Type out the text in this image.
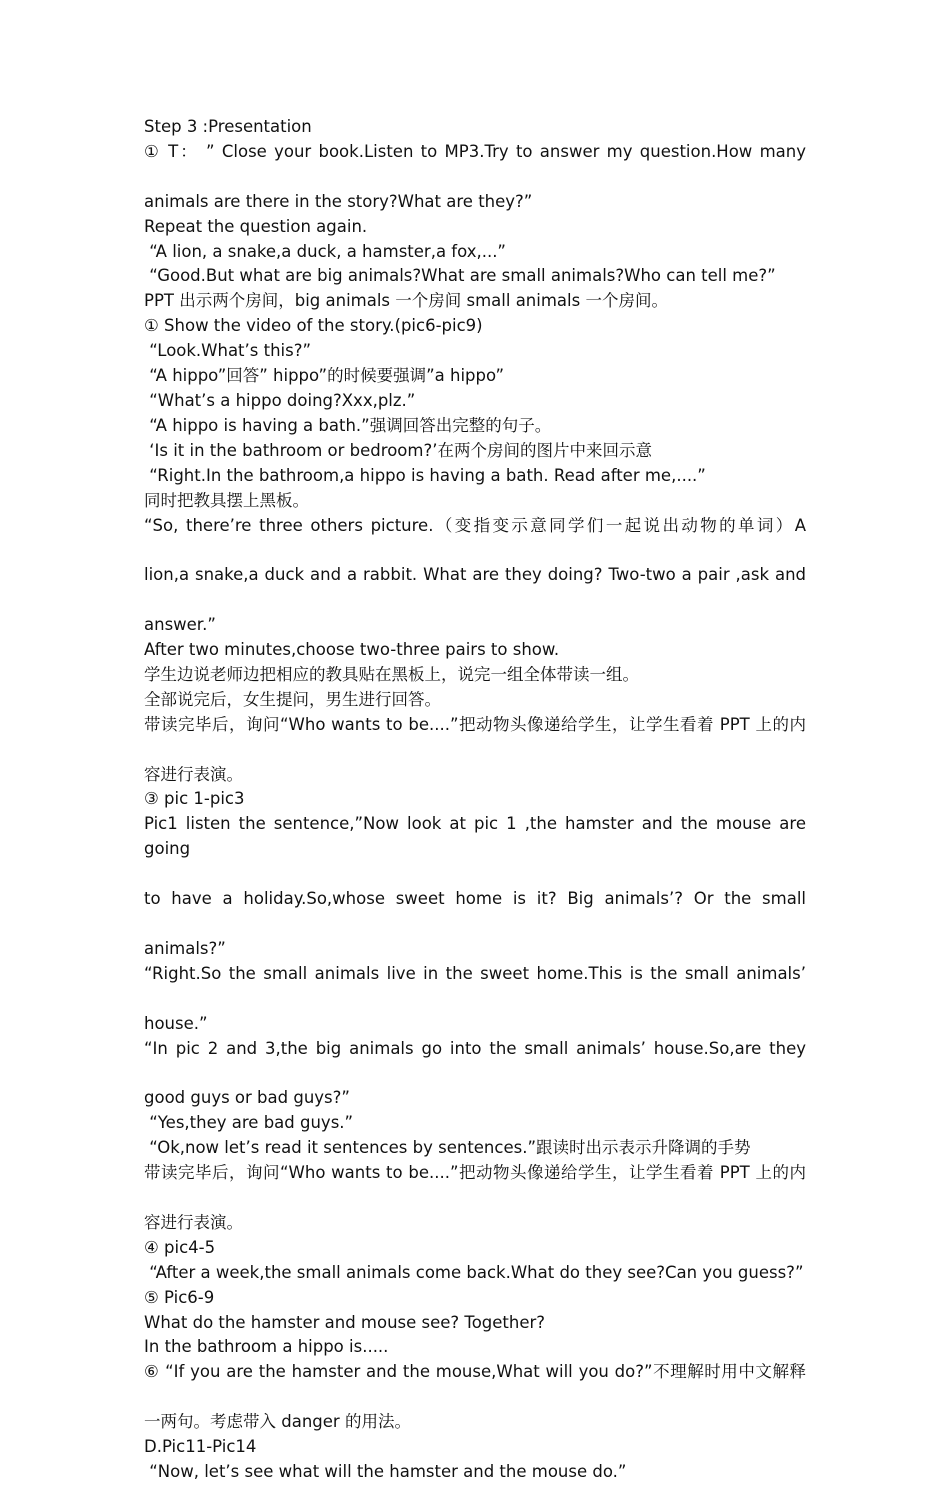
Step 3 :Presentation
① T： ” Close your book.Listen to MP3.Try to answer my question.How many
animals are there in the story?What are they?”
Repeat the question again.
“A lion, a snake,a duck, a hamster,a fox,...”
“Good.But what are big animals?What are small animals?Who can tell me?”
PPT 出示两个房间，big animals 一个房间 small animals 一个房间。
① Show the video of the story.(pic6-pic9)
“Look.What’s this?”
“A hippo”回答” hippo”的时候要强调”a hippo”
“What’s a hippo doing?Xxx,plz.”
“A hippo is having a bath.”强调回答出完整的句子。
‘Is it in the bathroom or bedroom?’在两个房间的图片中来回示意
“Right.In the bathroom,a hippo is having a bath. Read after me,....”
同时把教具摆上黑板。
“So, there’re three others picture.（变指变示意同学们一起说出动物的单词）A
lion,a snake,a duck and a rabbit. What are they doing? Two-two a pair ,ask and
answer.”
After two minutes,choose two-three pairs to show.
学生边说老师边把相应的教具贴在黑板上，说完一组全体带读一组。
全部说完后，女生提问，男生进行回答。
带读完毕后，询问“Who wants to be....”把动物头像递给学生，让学生看着 PPT 上的内
容进行表演。
③ pic 1-pic3
Pic1 listen the sentence,”Now look at pic 1 ,the hamster and the mouse are going
to have a holiday.So,whose sweet home is it? Big animals’? Or the small
animals?”
“Right.So the small animals live in the sweet home.This is the small animals’
house.”
“In pic 2 and 3,the big animals go into the small animals’ house.So,are they
good guys or bad guys?”
“Yes,they are bad guys.”
“Ok,now let’s read it sentences by sentences.”跟读时出示表示升降调的手势
带读完毕后，询问“Who wants to be....”把动物头像递给学生，让学生看着 PPT 上的内
容进行表演。
④ pic4-5
“After a week,the small animals come back.What do they see?Can you guess?”
⑤ Pic6-9
What do the hamster and mouse see? Together?
In the bathroom a hippo is.....
⑥ “If you are the hamster and the mouse,What will you do?”不理解时用中文解释
一两句。考虑带入 danger 的用法。
D.Pic11-Pic14
“Now, let’s see what will the hamster and the mouse do.”
